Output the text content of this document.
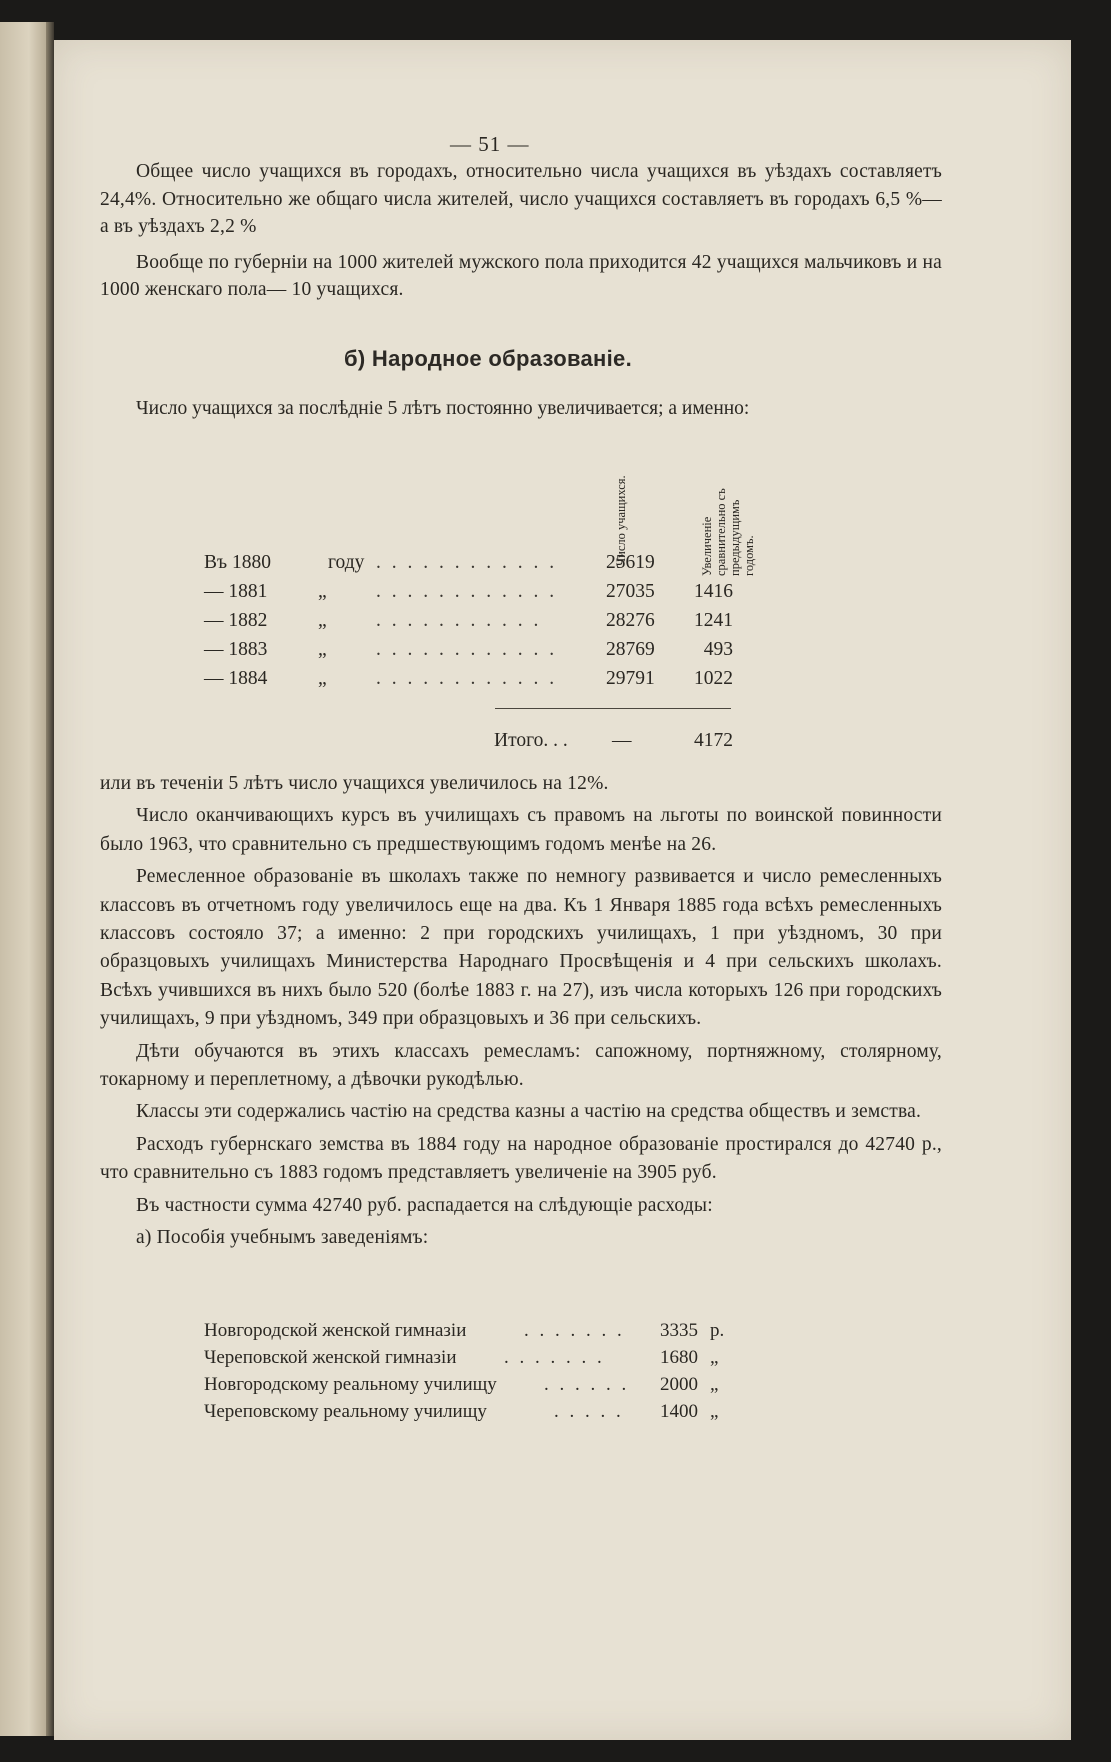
— 51 —

Общее число учащихся въ городахъ, относительно числа учащихся въ уѣздахъ составляетъ 24,4%. Относительно же общаго числа жителей, число учащихся составляетъ въ городахъ 6,5 %—а въ уѣздахъ 2,2 %

Вообще по губерніи на 1000 жителей мужского пола приходится 42 учащихся мальчиковъ и на 1000 женскаго пола— 10 учащихся.

б) Народное образованіе.
Число учащихся за послѣдніе 5 лѣтъ постоянно увеличивается; а именно:
Число учащихся.	Увеличеніе сравнительно съ предыдущимъ годомъ.
Въ 1880	году . . . . . . . . . . . .	25619
— 1881	„	. . . . . . . . . . . .	27035 1416
— 1882	„	. . . . . . . . . . .	28276 1241
— 1883	„	. . . . . . . . . . . .	28769	493
— 1884	„	. . . . . . . . . . . .	29791 1022
Итого. . . —	4172

или въ теченіи 5 лѣтъ число учащихся увеличилось на 12%.

Число оканчивающихъ курсъ въ училищахъ съ правомъ на льготы по воинской повинности было 1963, что сравнительно съ предшествующимъ годомъ менѣе на 26.

Ремесленное образованіе въ школахъ также по немногу развивается и число ремесленныхъ классовъ въ отчетномъ году увеличилось еще на два. Къ 1 Января 1885 года всѣхъ ремесленныхъ классовъ состояло 37; а именно: 2 при городскихъ училищахъ, 1 при уѣздномъ, 30 при образцовыхъ училищахъ Министерства Народнаго Просвѣщенія и 4 при сельскихъ школахъ. Всѣхъ учившихся въ нихъ было 520 (болѣе 1883 г. на 27), изъ числа которыхъ 126 при городскихъ училищахъ, 9 при уѣздномъ, 349 при образцовыхъ и 36 при сельскихъ.

Дѣти обучаются въ этихъ классахъ ремесламъ: сапожному, портняжному, столярному, токарному и переплетному, а дѣвочки рукодѣлью.

Классы эти содержались частію на средства казны а частію на средства обществъ и земства.

Расходъ губернскаго земства въ 1884 году на народное образованіе простирался до 42740 р., что сравнительно съ 1883 годомъ представляетъ увеличеніе на 3905 руб.

Въ частности сумма 42740 руб. распадается на слѣдующіе расходы:

а) Пособія учебнымъ заведеніямъ:

Новгородской женской гимназіи	. . . . . . . 3335 р.
Череповской женской гимназіи	. . . . . . .	1680 „
Новгородскому реальному училищу . . . . . . 2000 „
Череповскому реальному училищу	. . . . . 1400 „
